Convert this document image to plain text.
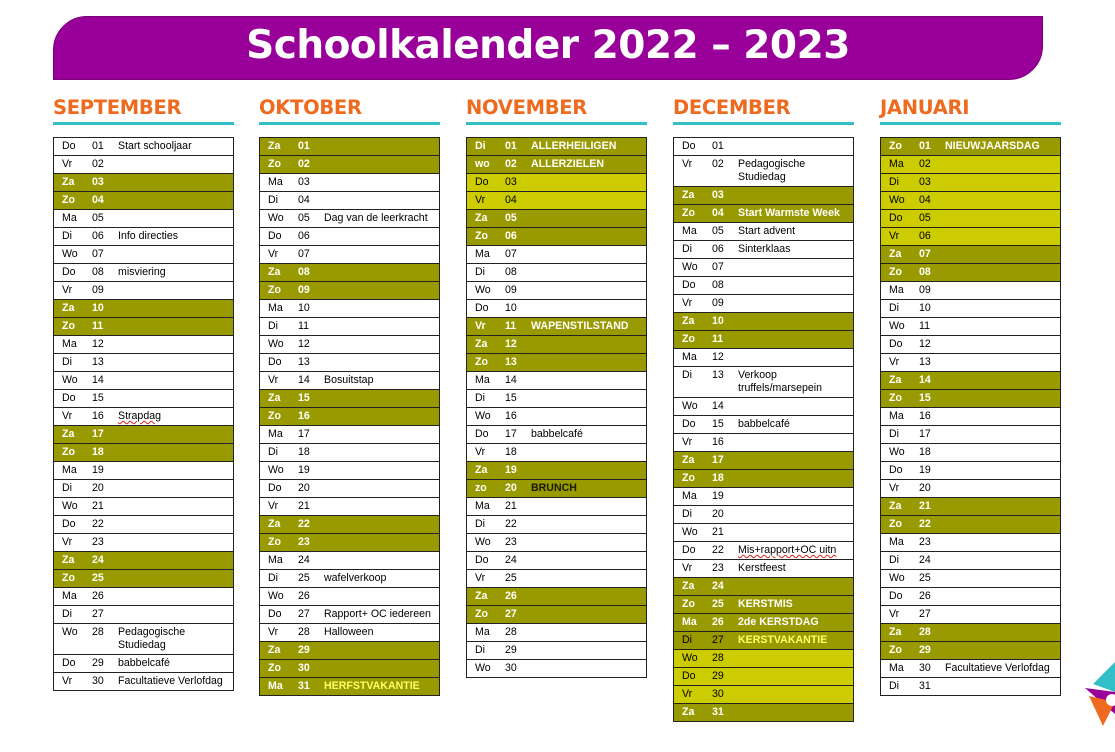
Schoolkalender 2022 – 2023
SEPTEMBER
Do	01	Start schooljaar
Vr	02	
Za	03	
Zo	04	
Ma	05	
Di	06	Info directies
Wo	07	
Do	08	misviering
Vr	09	
Za	10	
Zo	11	
Ma	12	
Di	13	
Wo	14	
Do	15	
Vr	16	Strapdag
Za	17	
Zo	18	
Ma	19	
Di	20	
Wo	21	
Do	22	
Vr	23	
Za	24	
Zo	25	
Ma	26	
Di	27	
Wo	28	Pedagogische Studiedag
Do	29	babbelcafé
Vr	30	Facultatieve Verlofdag
OKTOBER
Za	01	
Zo	02	
Ma	03	
Di	04	
Wo	05	Dag van de leerkracht
Do	06	
Vr	07	
Za	08	
Zo	09	
Ma	10	
Di	11	
Wo	12	
Do	13	
Vr	14	Bosuitstap
Za	15	
Zo	16	
Ma	17	
Di	18	
Wo	19	
Do	20	
Vr	21	
Za	22	
Zo	23	
Ma	24	
Di	25	wafelverkoop
Wo	26	
Do	27	Rapport+ OC iedereen
Vr	28	Halloween
Za	29	
Zo	30	
Ma	31	HERFSTVAKANTIE
NOVEMBER
Di	01	ALLERHEILIGEN
wo	02	ALLERZIELEN
Do	03	
Vr	04	
Za	05	
Zo	06	
Ma	07	
Di	08	
Wo	09	
Do	10	
Vr	11	WAPENSTILSTAND
Za	12	
Zo	13	
Ma	14	
Di	15	
Wo	16	
Do	17	babbelcafé
Vr	18	
Za	19	
zo	20	BRUNCH
Ma	21	
Di	22	
Wo	23	
Do	24	
Vr	25	
Za	26	
Zo	27	
Ma	28	
Di	29	
Wo	30	
DECEMBER
Do	01	
Vr	02	Pedagogische Studiedag
Za	03	
Zo	04	Start Warmste Week
Ma	05	Start advent
Di	06	Sinterklaas
Wo	07	
Do	08	
Vr	09	
Za	10	
Zo	11	
Ma	12	
Di	13	Verkoop truffels/marsepein
Wo	14	
Do	15	babbelcafé
Vr	16	
Za	17	
Zo	18	
Ma	19	
Di	20	
Wo	21	
Do	22	Mis+rapport+OC uitn
Vr	23	Kerstfeest
Za	24	
Zo	25	KERSTMIS
Ma	26	2de KERSTDAG
Di	27	KERSTVAKANTIE
Wo	28	
Do	29	
Vr	30	
Za	31	
JANUARI
Zo	01	NIEUWJAARSDAG
Ma	02	
Di	03	
Wo	04	
Do	05	
Vr	06	
Za	07	
Zo	08	
Ma	09	
Di	10	
Wo	11	
Do	12	
Vr	13	
Za	14	
Zo	15	
Ma	16	
Di	17	
Wo	18	
Do	19	
Vr	20	
Za	21	
Zo	22	
Ma	23	
Di	24	
Wo	25	
Do	26	
Vr	27	
Za	28	
Zo	29	
Ma	30	Facultatieve Verlofdag
Di	31	
